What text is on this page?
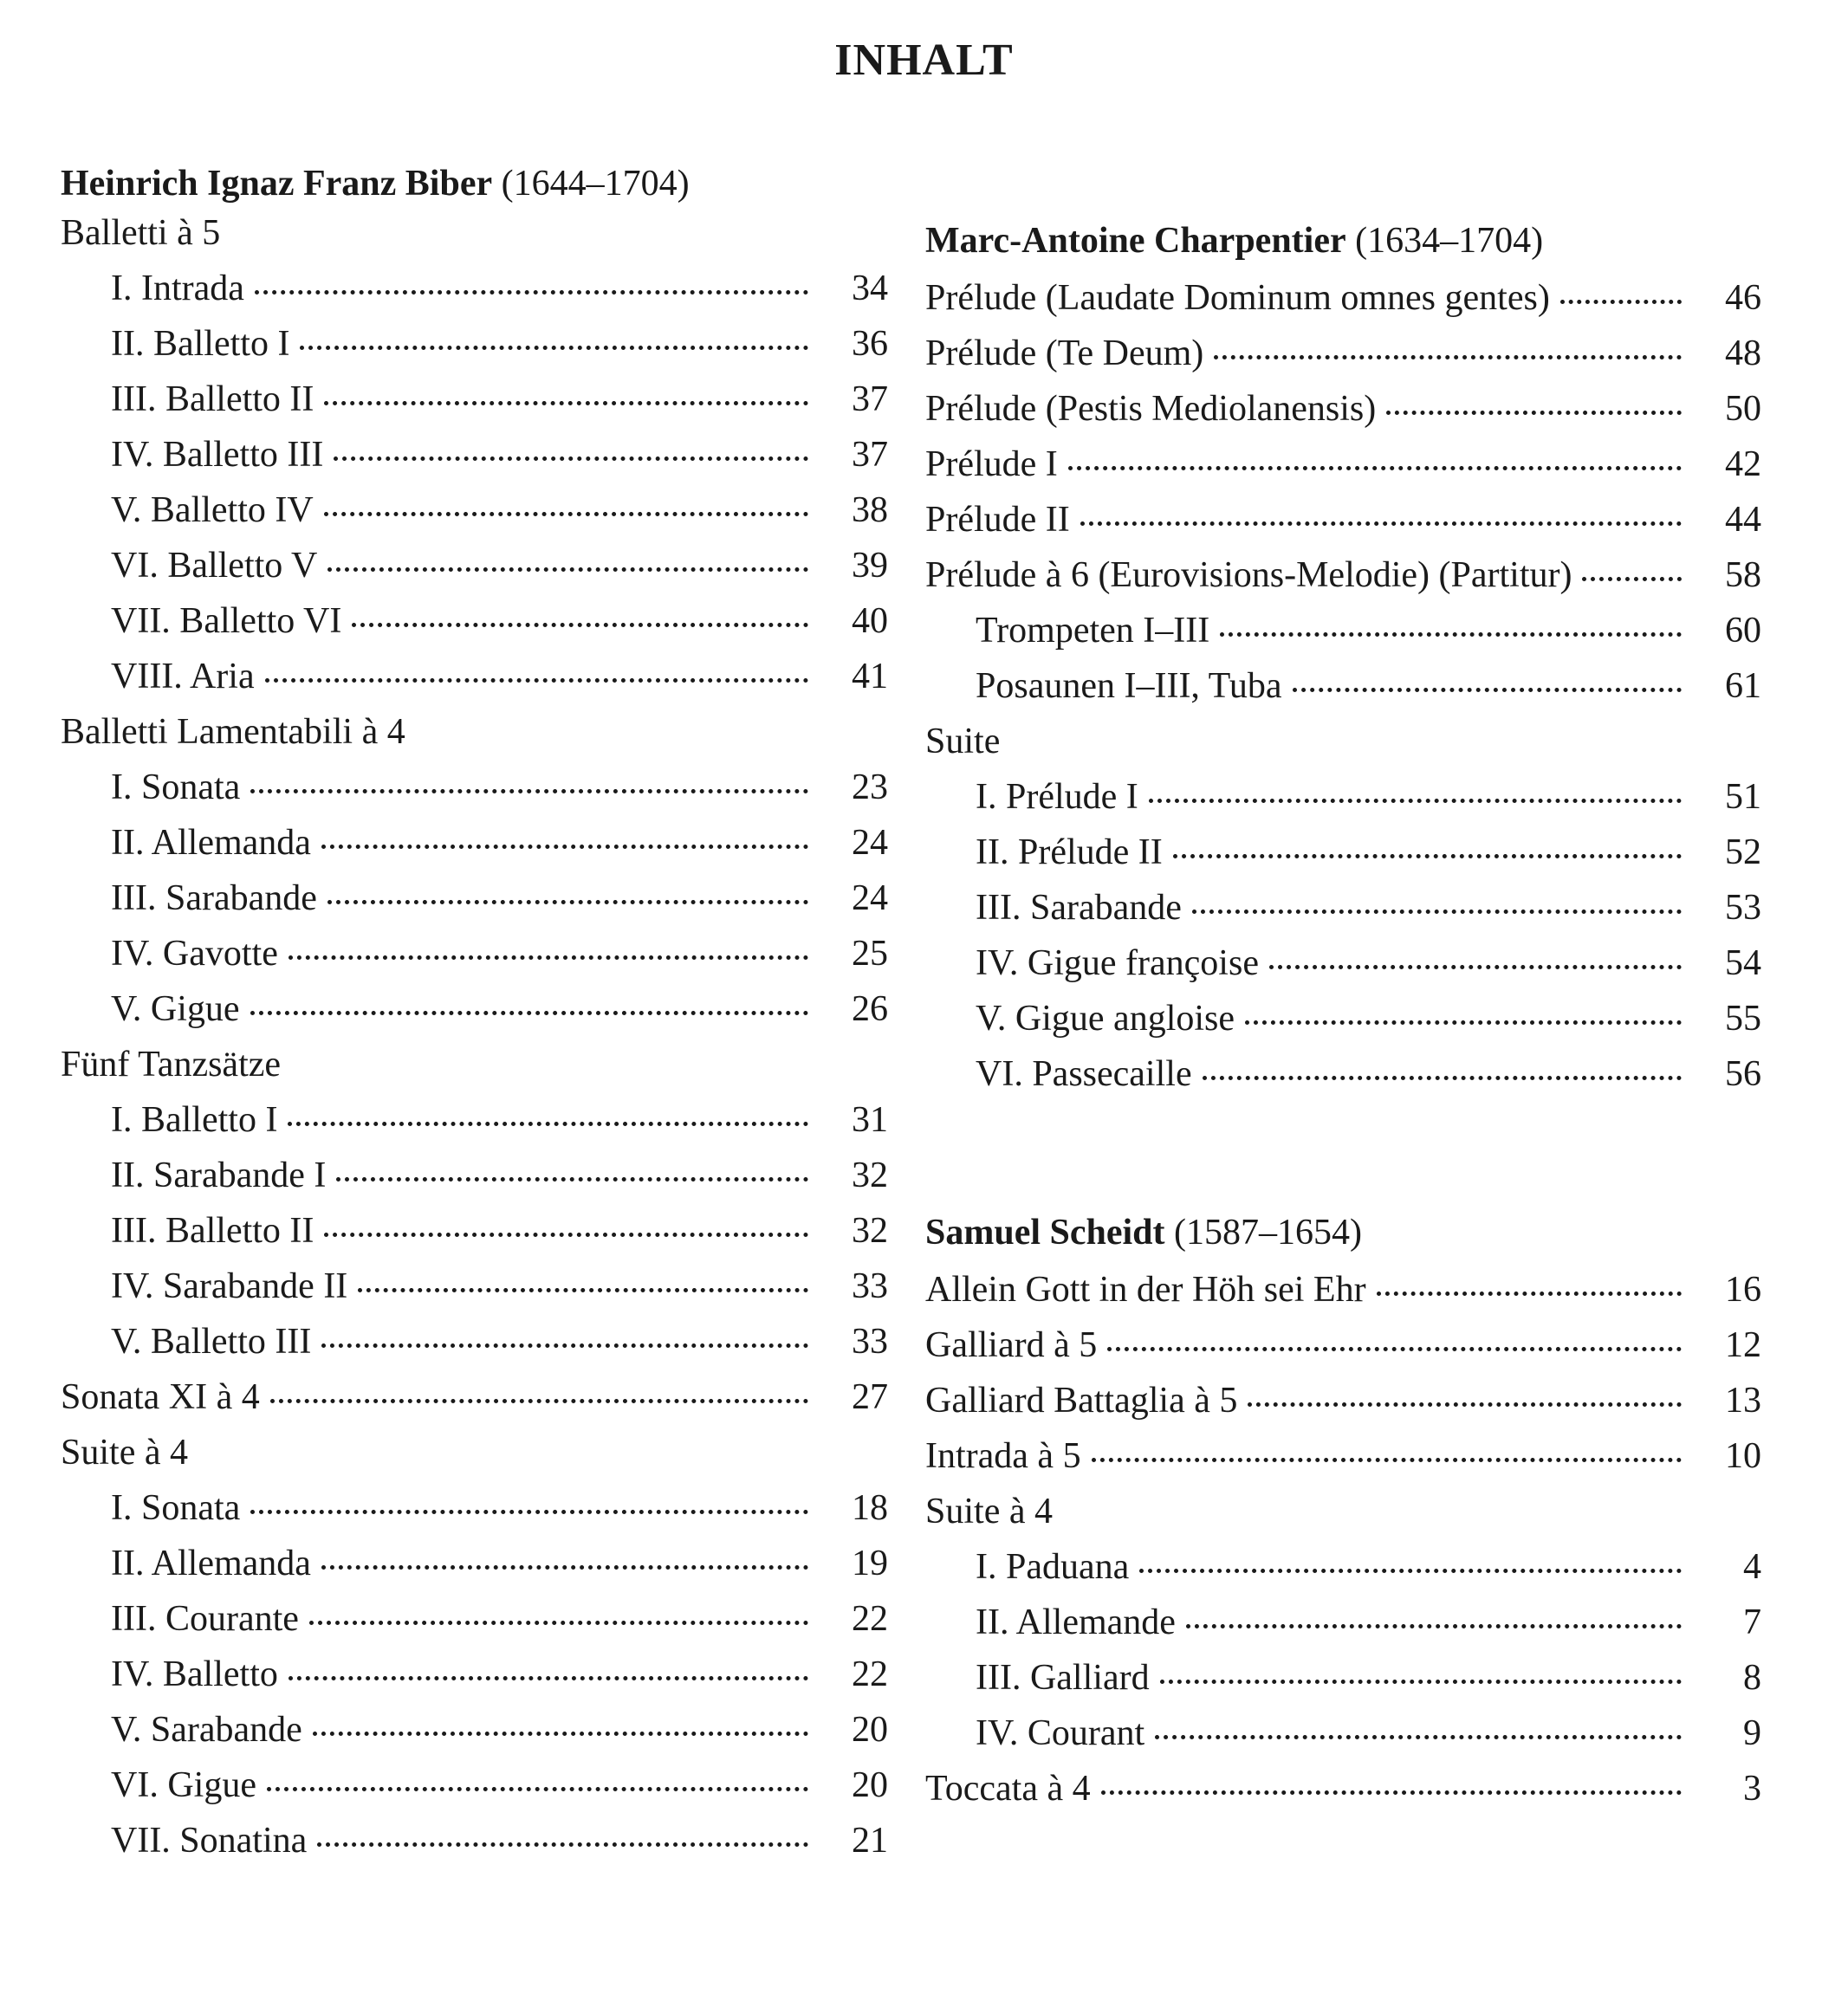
INHALT
Heinrich Ignaz Franz Biber (1644–1704)
Balletti à 5
I. Intrada	34
II. Balletto I	36
III. Balletto II	37
IV. Balletto III	37
V. Balletto IV	38
VI. Balletto V	39
VII. Balletto VI	40
VIII. Aria	41
Balletti Lamentabili à 4
I. Sonata	23
II. Allemanda	24
III. Sarabande	24
IV. Gavotte	25
V. Gigue	26
Fünf Tanzsätze
I. Balletto I	31
II. Sarabande I	32
III. Balletto II	32
IV. Sarabande II	33
V. Balletto III	33
Sonata XI à 4	27
Suite à 4
I. Sonata	18
II. Allemanda	19
III. Courante	22
IV. Balletto	22
V. Sarabande	20
VI. Gigue	20
VII. Sonatina	21
Marc-Antoine Charpentier (1634–1704)
Prélude (Laudate Dominum omnes gentes)	46
Prélude (Te Deum)	48
Prélude (Pestis Mediolanensis)	50
Prélude I	42
Prélude II	44
Prélude à 6 (Eurovisions-Melodie) (Partitur)	58
Trompeten I–III	60
Posaunen I–III, Tuba	61
Suite
I. Prélude I	51
II. Prélude II	52
III. Sarabande	53
IV. Gigue françoise	54
V. Gigue angloise	55
VI. Passecaille	56
Samuel Scheidt (1587–1654)
Allein Gott in der Höh sei Ehr	16
Galliard à 5	12
Galliard Battaglia à 5	13
Intrada à 5	10
Suite à 4
I. Paduana	4
II. Allemande	7
III. Galliard	8
IV. Courant	9
Toccata à 4	3
